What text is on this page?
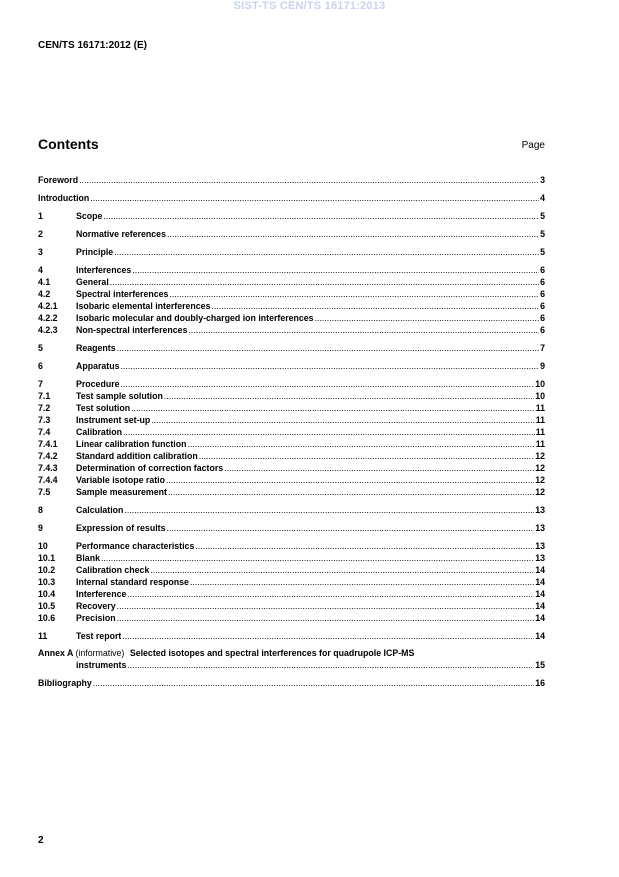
SIST-TS CEN/TS 16171:2013
CEN/TS 16171:2012 (E)
Contents	Page
Foreword .....	3
Introduction .....	4
1	Scope .....	5
2	Normative references .....	5
3	Principle .....	5
4	Interferences .....	6
4.1	General .....	6
4.2	Spectral interferences .....	6
4.2.1	Isobaric elemental interferences .....	6
4.2.2	Isobaric molecular and doubly-charged ion interferences .....	6
4.2.3	Non-spectral interferences .....	6
5	Reagents .....	7
6	Apparatus .....	9
7	Procedure .....	10
7.1	Test sample solution .....	10
7.2	Test solution .....	11
7.3	Instrument set-up .....	11
7.4	Calibration .....	11
7.4.1	Linear calibration function .....	11
7.4.2	Standard addition calibration .....	12
7.4.3	Determination of correction factors .....	12
7.4.4	Variable isotope ratio .....	12
7.5	Sample measurement .....	12
8	Calculation .....	13
9	Expression of results .....	13
10	Performance characteristics .....	13
10.1	Blank .....	13
10.2	Calibration check .....	14
10.3	Internal standard response .....	14
10.4	Interference .....	14
10.5	Recovery .....	14
10.6	Precision .....	14
11	Test report .....	14
Annex A (informative) Selected isotopes and spectral interferences for quadrupole ICP-MS
instruments .....	15
Bibliography .....	16
2
